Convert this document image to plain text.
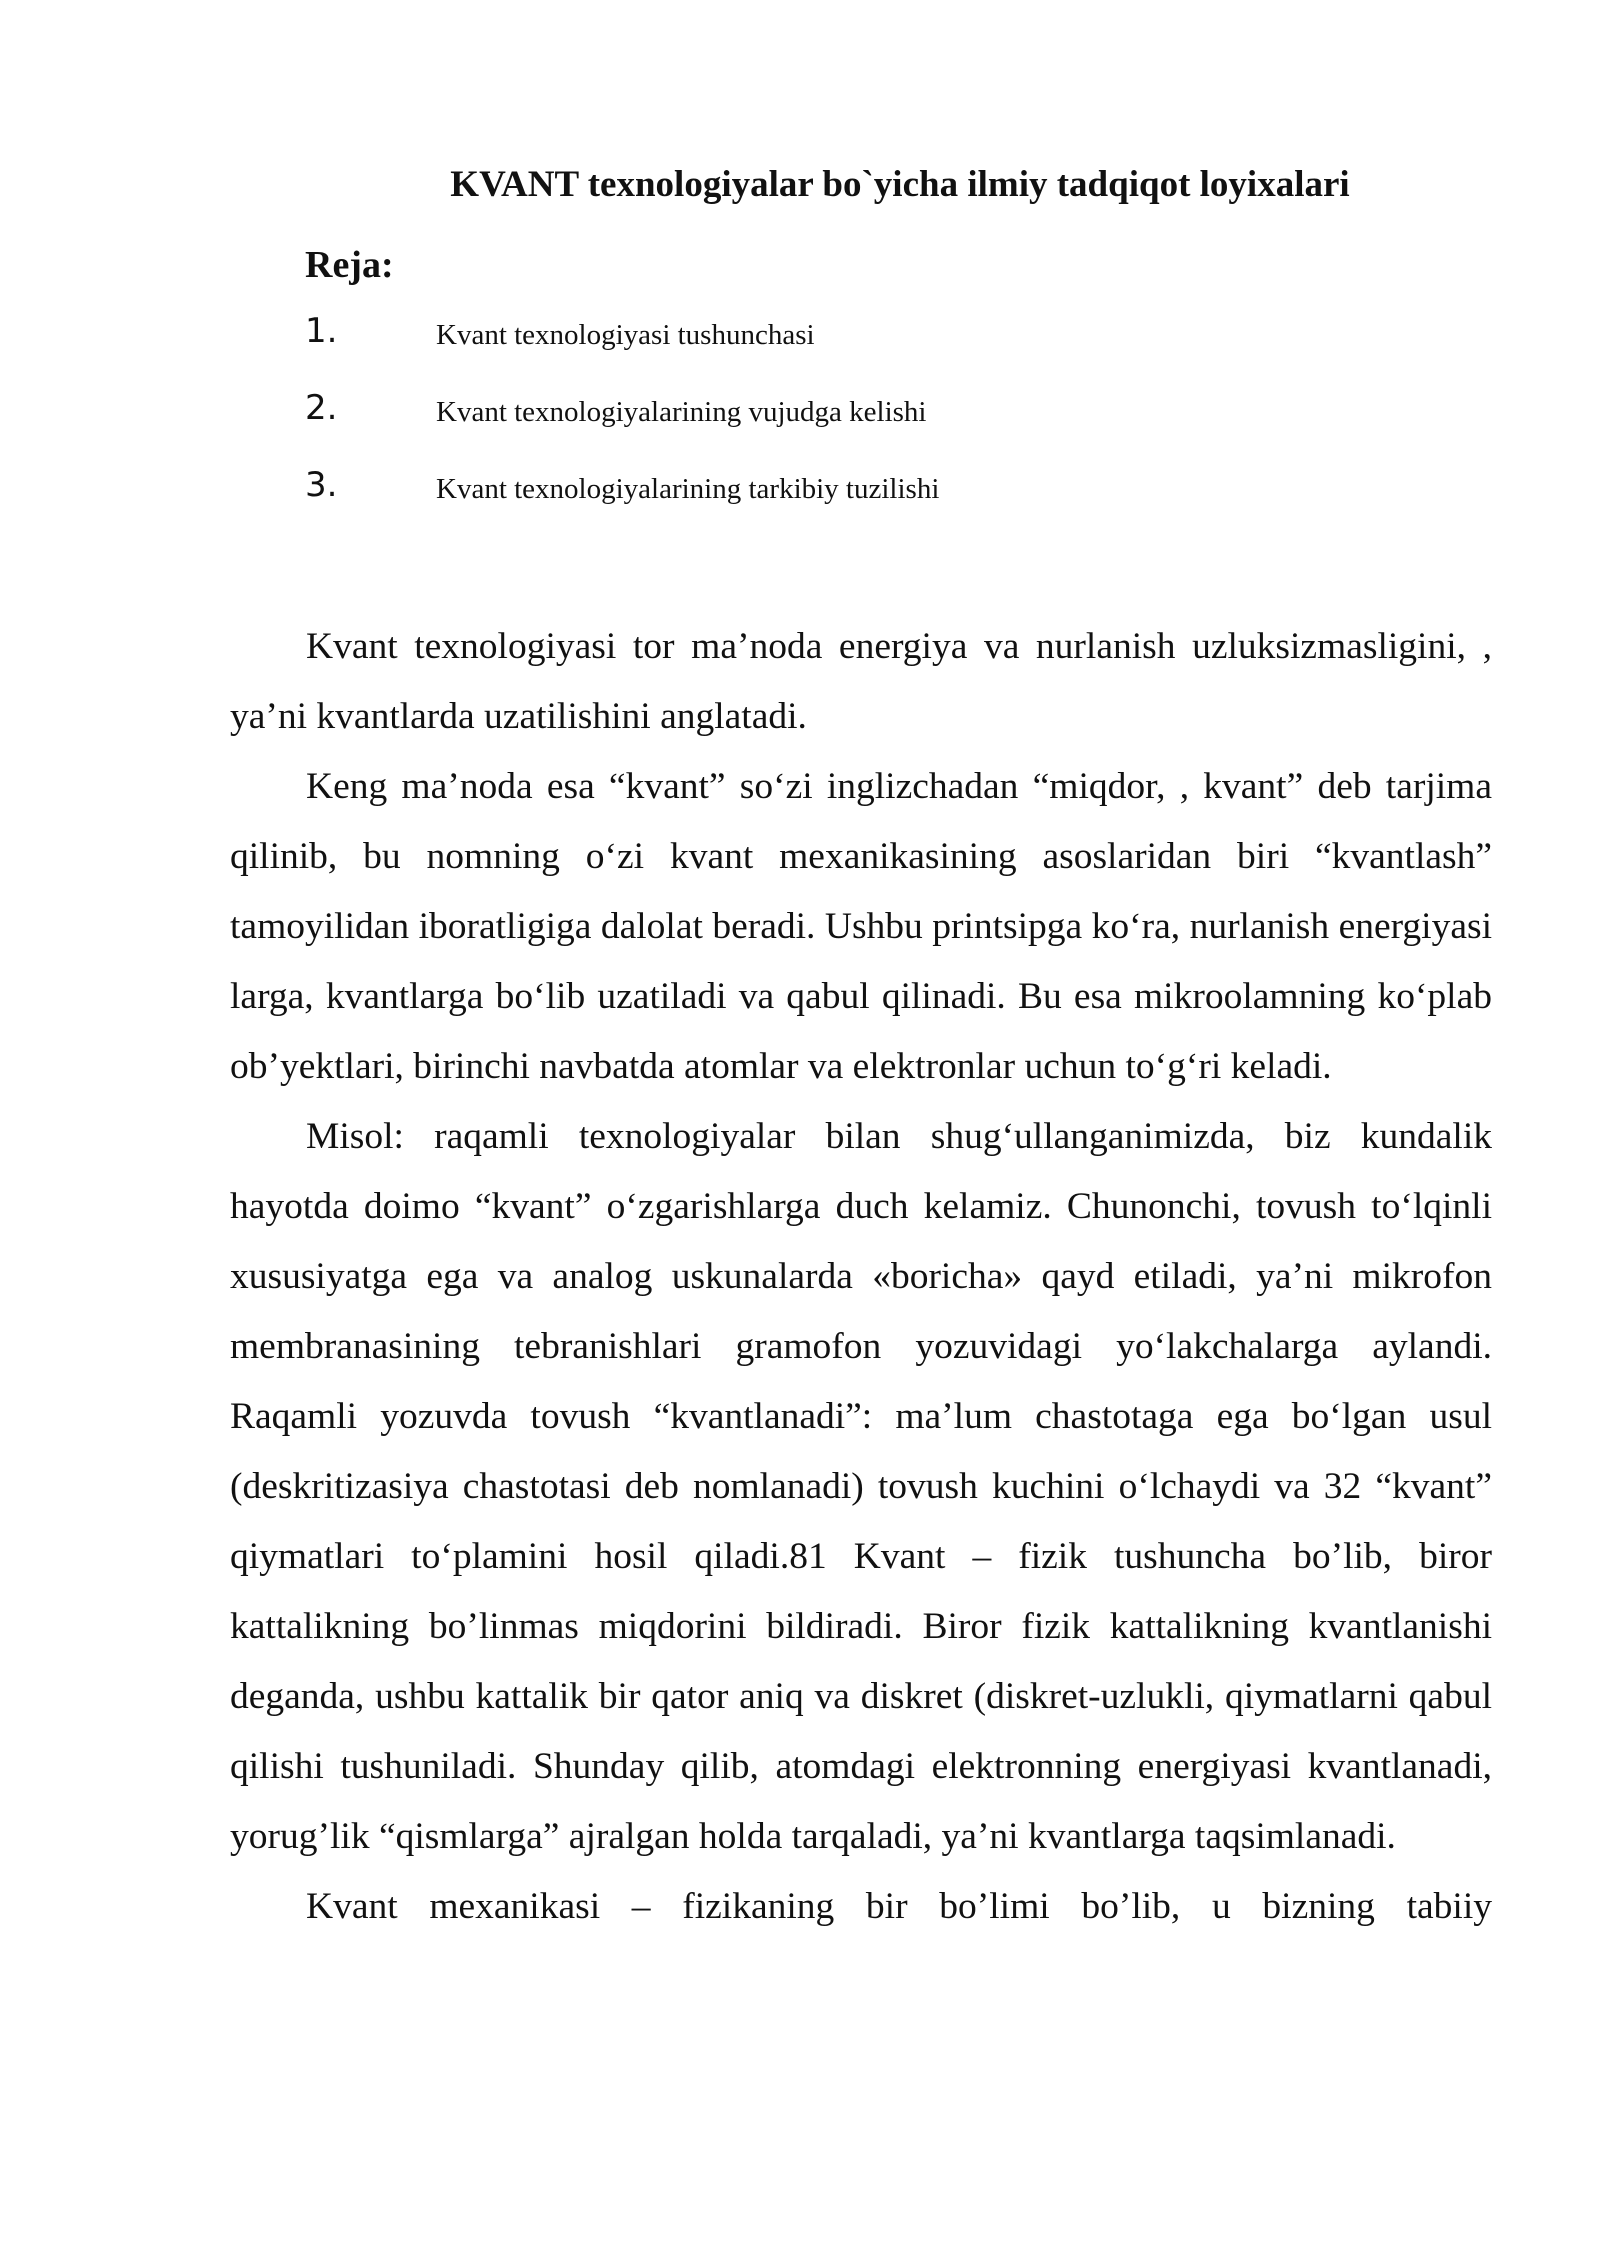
KVANT texnologiyalar bo`yicha ilmiy tadqiqot loyixalari
Reja:
1.	Kvant texnologiyasi tushunchasi
2.	Kvant texnologiyalarining vujudga kelishi
3.	Kvant texnologiyalarining tarkibiy tuzilishi

Kvant texnologiyasi tor ma’noda energiya va nurlanish uzluksizmasligini, , ya’ni kvantlarda uzatilishini anglatadi.

Keng ma’noda esa “kvant” so‘zi inglizchadan “miqdor, , kvant” deb tarjima qilinib, bu nomning o‘zi kvant mexanikasining asoslaridan biri “kvantlash” tamoyilidan iboratligiga dalolat beradi. Ushbu printsipga ko‘ra, nurlanish energiyasi larga, kvantlarga bo‘lib uzatiladi va qabul qilinadi. Bu esa mikroolamning ko‘plab ob’yektlari, birinchi navbatda atomlar va elektronlar uchun to‘g‘ri keladi.

Misol: raqamli texnologiyalar bilan shug‘ullanganimizda, biz kundalik hayotda doimo “kvant” o‘zgarishlarga duch kelamiz. Chunonchi, tovush to‘lqinli xususiyatga ega va analog uskunalarda «boricha» qayd etiladi, ya’ni mikrofon membranasining tebranishlari gramofon yozuvidagi yo‘lakchalarga aylandi. Raqamli yozuvda tovush “kvantlanadi”: ma’lum chastotaga ega bo‘lgan usul (deskritizasiya chastotasi deb nomlanadi) tovush kuchini o‘lchaydi va 32 “kvant” qiymatlari to‘plamini hosil qiladi.81 Kvant – fizik tushuncha bo’lib, biror kattalikning bo’linmas miqdorini bildiradi. Biror fizik kattalikning kvantlanishi deganda, ushbu kattalik bir qator aniq va diskret (diskret-uzlukli, qiymatlarni qabul qilishi tushuniladi. Shunday qilib, atomdagi elektronning energiyasi kvantlanadi, yorug’lik “qismlarga” ajralgan holda tarqaladi, ya’ni kvantlarga taqsimlanadi.

Kvant mexanikasi – fizikaning bir bo’limi bo’lib, u bizning tabiiy
